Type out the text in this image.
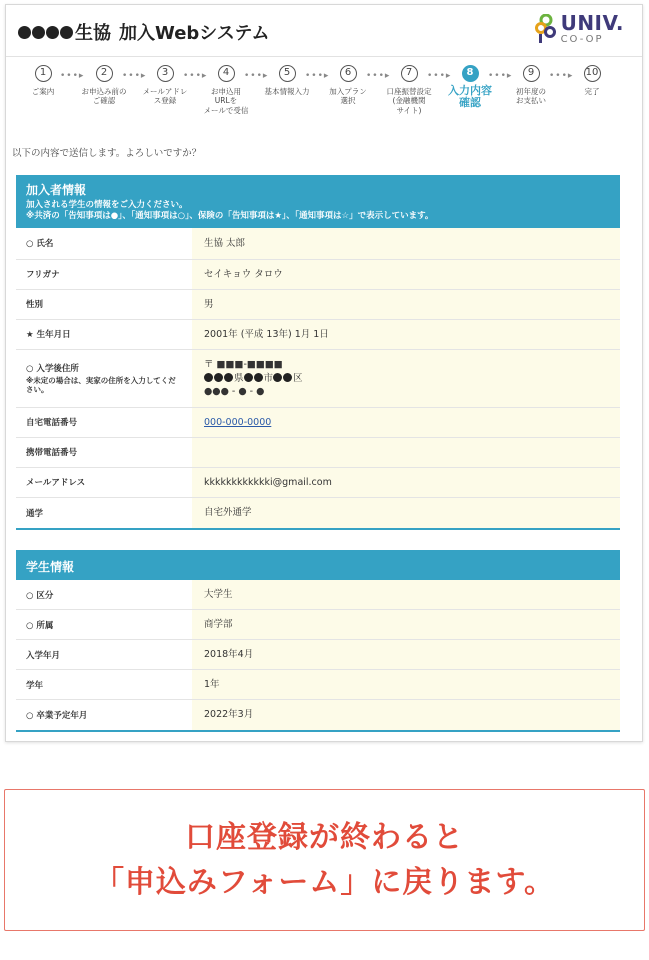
生協 加入Webシステム	UNIV.
CO-OP
1
ご案内
•••▸	2
お申込み前の
ご確認
•••▸	3
メールアドレ
ス登録
•••▸	4
お申込用
URLを
メールで受信
•••▸	5
基本情報入力
•••▸	6
加入プラン
選択
•••▸	7
口座振替設定
(金融機関
サイト)
•••▸	8
入力内容
確認
•••▸	9
初年度の
お支払い
•••▸ 10
完了
以下の内容で送信します。よろしいですか？
加入者情報
加入される学生の情報をご入力ください。
※共済の「告知事項は●」、「通知事項は○」、保険の「告知事項は★」、「通知事項は☆」で表示しています。
○ 氏名	生協 太郎
フリガナ	セイキョウ タロウ
性別	男
★ 生年月日	2001年 (平成 13年) 1月 1日
○ 入学後住所
※未定の場合は、実家の住所を入力してください。
〒 ■■■-■■■■
県 市 区
●●● - ● - ●
自宅電話番号	000-000-0000
携帯電話番号
メールアドレス	kkkkkkkkkkkki@gmail.com
通学	自宅外通学
学生情報
○ 区分	大学生
○ 所属	商学部
入学年月	2018年4月
学年	1年
○ 卒業予定年月	2022年3月

口座登録が終わると

「申込みフォーム」に戻ります。
